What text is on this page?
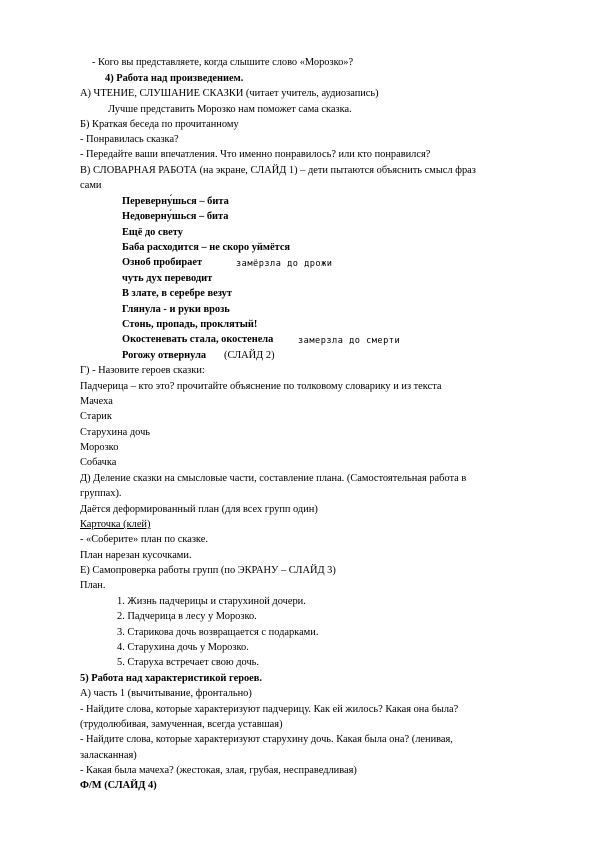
- Кого вы представляете, когда слышите слово «Морозко»?
4) Работа над произведением.
А) ЧТЕНИЕ, СЛУШАНИЕ СКАЗКИ (читает учитель, аудиозапись)
Лучше представить Морозко нам поможет сама сказка.
Б) Краткая беседа по прочитанному
- Понравилась сказка?
- Передайте ваши впечатления. Что именно понравилось? или кто понравился?
В) СЛОВАРНАЯ РАБОТА (на экране, СЛАЙД 1) – дети пытаются объяснить смысл фраз
сами
Переверну́шься – бита
Недоверну́шься – бита
Ещё до свету
Баба расходится – не скоро уймётся
Озноб пробирает	замёрзла до дрожи
чуть дух переводит
В злате, в серебре везут
Глянула - и руки врозь
Стонь, пропадь, проклятый!
Окостеневать стала, окостенела	замерзла до смерти
Рогожу отвернула (СЛАЙД 2)
Г) - Назовите героев сказки:
Падчерица – кто это? прочитайте объяснение по толковому словарику и из текста
Мачеха
Старик
Старухина дочь
Морозко
Собачка
Д) Деление сказки на смысловые части, составление плана. (Самостоятельная работа в
группах).
Даётся деформированный план (для всех групп один)
Карточка (клей)
- «Соберите» план по сказке.
План нарезан кусочками.
Е) Самопроверка работы групп (по ЭКРАНУ – СЛАЙД 3)
План.
1. Жизнь падчерицы и старухиной дочери.
2. Падчерица в лесу у Морозко.
3. Старикова дочь возвращается с подарками.
4. Старухина дочь у Морозко.
5. Старуха встречает свою дочь.
5) Работа над характеристикой героев.
А) часть 1 (вычитывание, фронтально)
- Найдите слова, которые характеризуют падчерицу. Как ей жилось? Какая она была?
(трудолюбивая, замученная, всегда уставшая)
- Найдите слова, которые характеризуют старухину дочь. Какая была она? (ленивая,
заласканная)
- Какая была мачеха? (жестокая, злая, грубая, несправедливая)
Ф/М (СЛАЙД 4)
